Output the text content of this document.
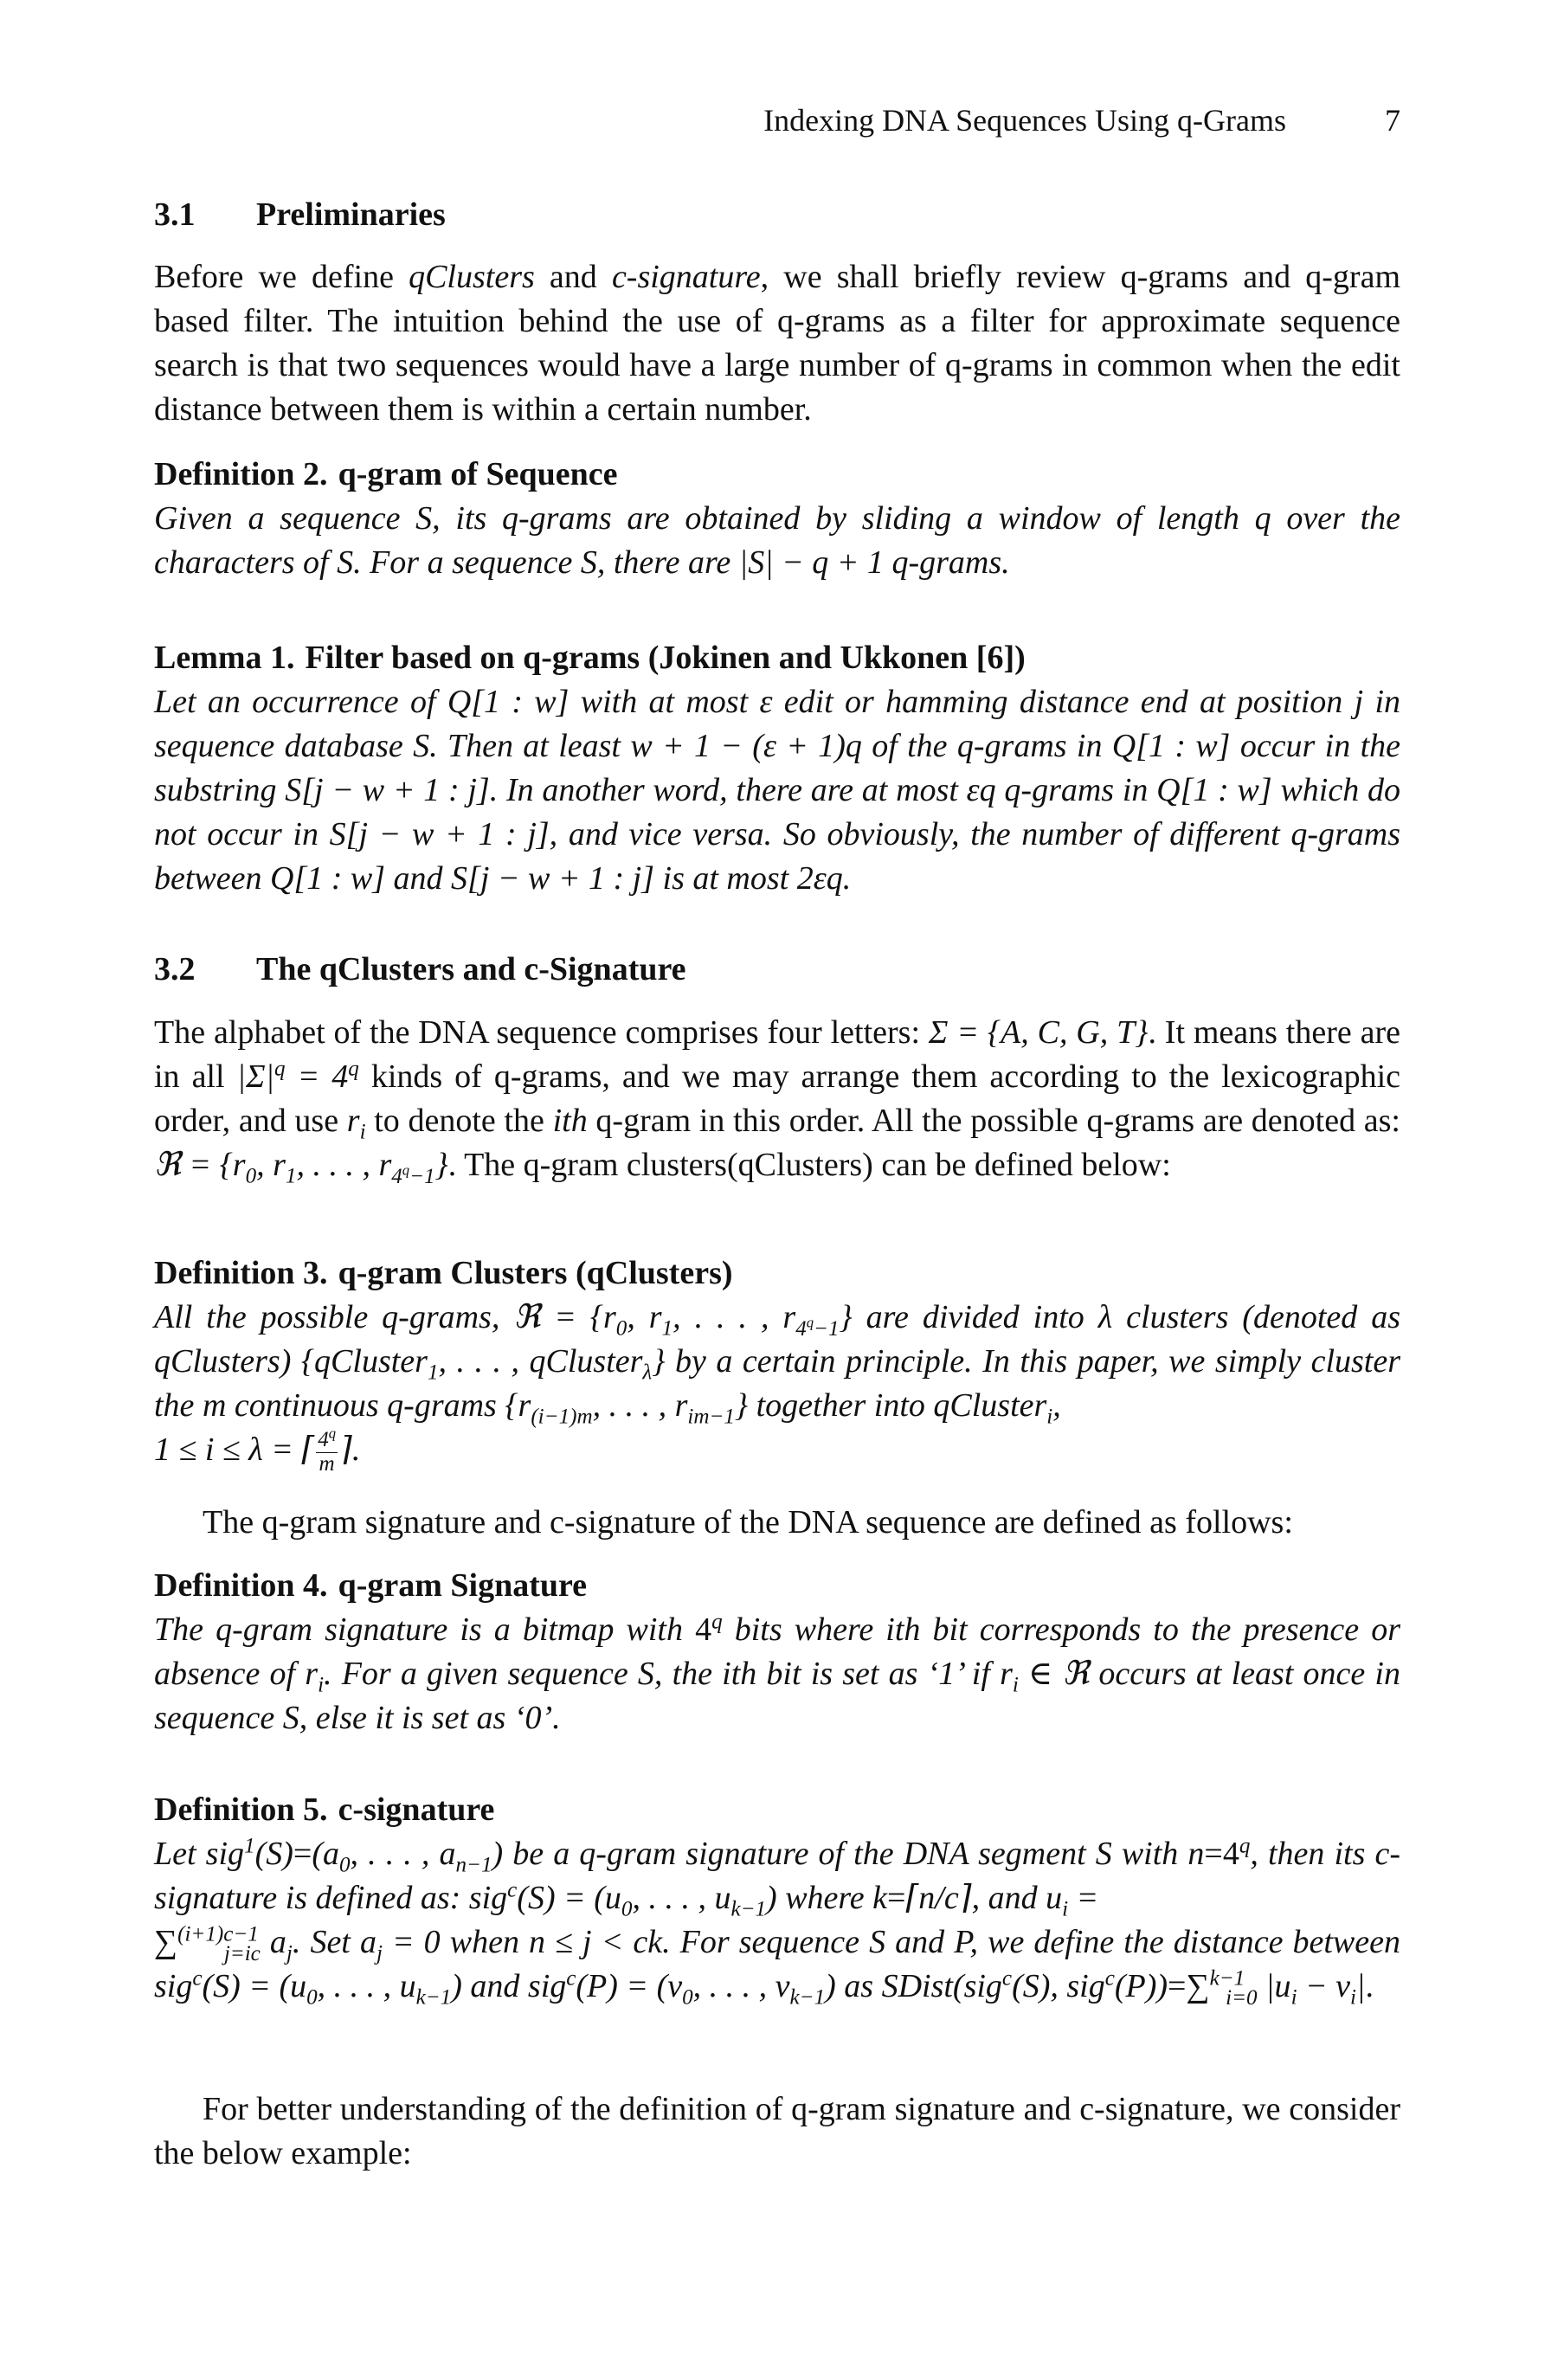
Indexing DNA Sequences Using q-Grams	7
3.1 Preliminaries

Before we define qClusters and c-signature, we shall briefly review q-grams and q-gram based filter. The intuition behind the use of q-grams as a filter for approximate sequence search is that two sequences would have a large number of q-grams in common when the edit distance between them is within a certain number.

Definition 2. q-gram of Sequence

Given a sequence S, its q-grams are obtained by sliding a window of length q over the characters of S. For a sequence S, there are |S| − q + 1 q-grams.

Lemma 1. Filter based on q-grams (Jokinen and Ukkonen [6])

Let an occurrence of Q[1 : w] with at most ε edit or hamming distance end at position j in sequence database S. Then at least w + 1 − (ε + 1)q of the q-grams in Q[1 : w] occur in the substring S[j − w + 1 : j]. In another word, there are at most εq q-grams in Q[1 : w] which do not occur in S[j − w + 1 : j], and vice versa. So obviously, the number of different q-grams between Q[1 : w] and S[j − w + 1 : j] is at most 2εq.

3.2 The qClusters and c-Signature

The alphabet of the DNA sequence comprises four letters: Σ = {A, C, G, T}. It means there are in all $|\Sigma|^q = 4^q$ kinds of q-grams, and we may arrange them according to the lexicographic order, and use $r_i$ to denote the ith q-gram in this order. All the possible q-grams are denoted as: ℜ = {$r_0$, $r_1$, . . . , $r_{4^q-1}$}. The q-gram clusters(qClusters) can be defined below:

Definition 3. q-gram Clusters (qClusters)

All the possible q-grams, ℜ = {$r_0$, $r_1$, . . . , $r_{4^q-1}$} are divided into λ clusters (denoted as qClusters) {qCluster$_1$, . . . , qCluster$_\lambda$} by a certain principle. In this paper, we simply cluster the m continuous q-grams {$r_{(i-1)m}$, . . . , $r_{im-1}$} together into qCluster$_i$,
1 ≤ i ≤ λ = ⌈ $\frac{4^q}{m}$ ⌉.

The q-gram signature and c-signature of the DNA sequence are defined as follows:

Definition 4. q-gram Signature

The q-gram signature is a bitmap with 4$^q$ bits where ith bit corresponds to the presence or absence of $r_i$. For a given sequence S, the ith bit is set as ‘1’ if $r_i$ ∈ ℜ occurs at least once in sequence S, else it is set as ‘0’.

Definition 5. c-signature

Let $sig^1(S)=(a_0$, . . . , $a_{n-1}$) be a q-gram signature of the DNA segment S with $n=4^q$, then its c-signature is defined as: $sig^c(S) = (u_0$, . . . , $u_{k-1}$) where k=⌈n/c⌉, and $u_i$ =
∑$^{(i+1)c-1}_{j=ic}$ $a_j$. Set $a_j = 0$ when n ≤ j < ck. For sequence S and P, we define the distance between $sig^c(S) = (u_0$, . . . , $u_{k-1}$) and $sig^c(P) = (v_0$, . . . , $v_{k-1}$) as SDist(sig$^c$(S), sig$^c$(P))=∑$^{k-1}_{i=0}$ $|u_i - v_i|$.

For better understanding of the definition of q-gram signature and c-signature, we consider the below example:
